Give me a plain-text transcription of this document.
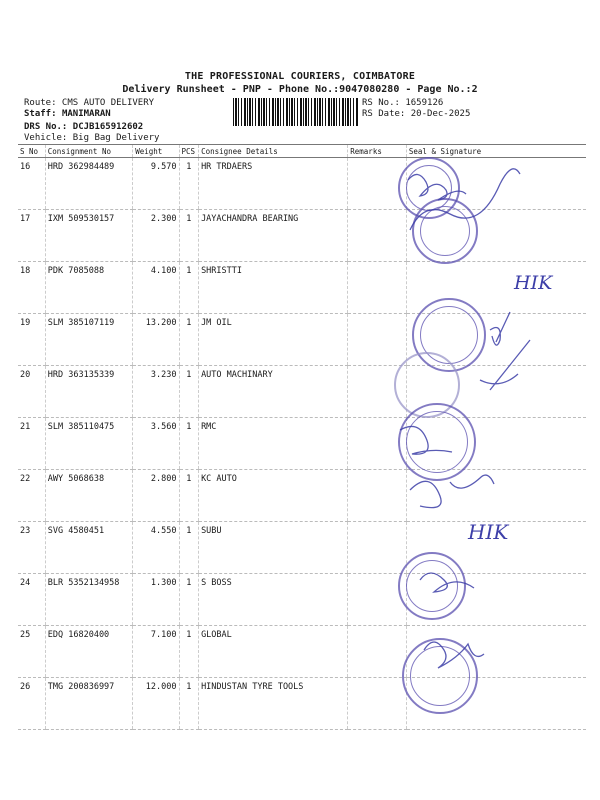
THE PROFESSIONAL COURIERS, COIMBATORE
Delivery Runsheet - PNP - Phone No.:9047080280 - Page No.:2
Route: CMS AUTO DELIVERY
Staff: MANIMARAN
DRS No.: DCJB165912602
Vehicle: Big Bag Delivery
RS No.: 1659126
RS Date: 20-Dec-2025
S No	Consignment No	Weight	PCS	Consignee Details	Remarks	Seal & Signature
16	HRD 362984489	9.570	1	HR TRDAERS		
17	IXM 509530157	2.300	1	JAYACHANDRA BEARING		
18	PDK 7085088	4.100	1	SHRISTTI		
19	SLM 385107119	13.200	1	JM OIL		
20	HRD 363135339	3.230	1	AUTO MACHINARY		
21	SLM 385110475	3.560	1	RMC		
22	AWY 5068638	2.800	1	KC AUTO		
23	SVG 4580451	4.550	1	SUBU		
24	BLR 5352134958	1.300	1	S BOSS		
25	EDQ 16820400	7.100	1	GLOBAL		
26	TMG 200836997	12.000	1	HINDUSTAN TYRE TOOLS		
HIK
HIK
